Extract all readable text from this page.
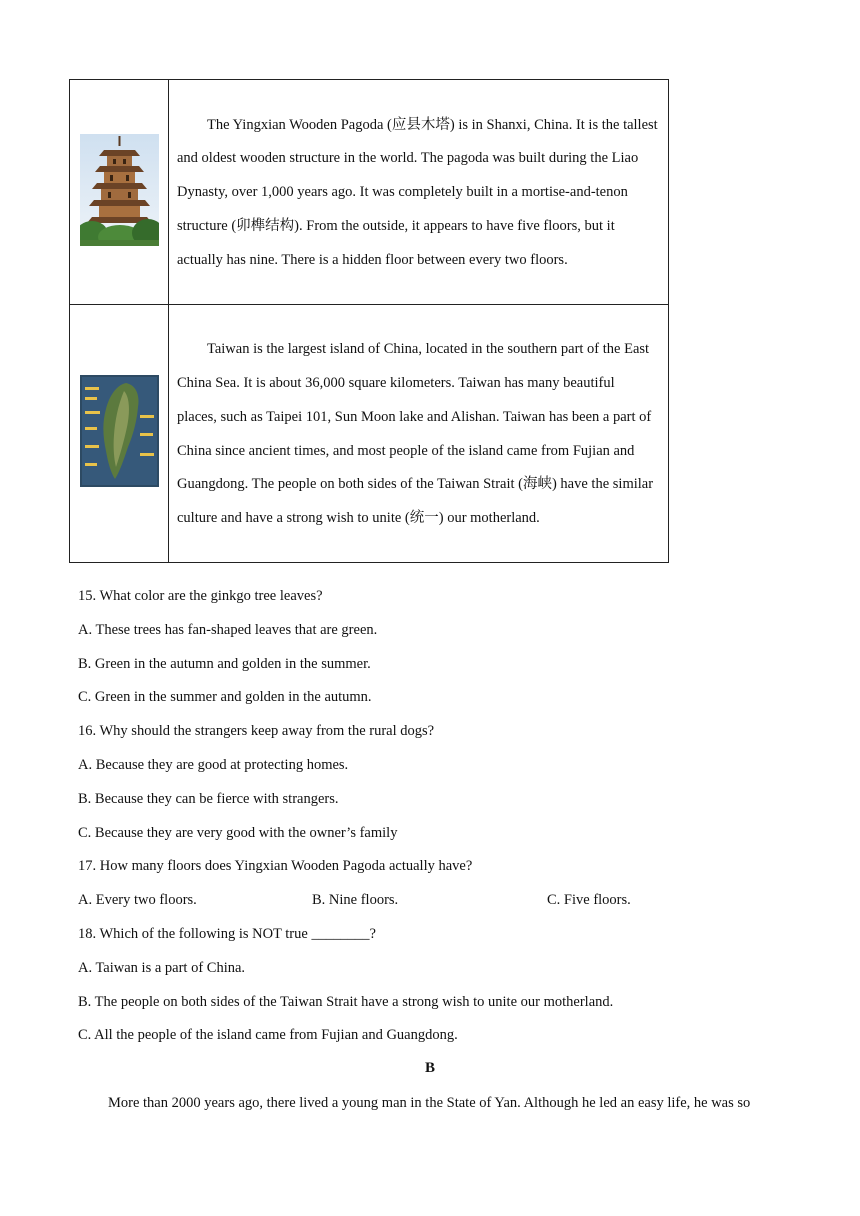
The Yingxian Wooden Pagoda (应县木塔) is in Shanxi, China. It is the tallest and oldest wooden structure in the world. The pagoda was built during the Liao Dynasty, over 1,000 years ago. It was completely built in a mortise-and-tenon structure (卯榫结构). From the outside, it appears to have five floors, but it actually has nine. There is a hidden floor between every two floors.

Taiwan is the largest island of China, located in the southern part of the East China Sea. It is about 36,000 square kilometers. Taiwan has many beautiful places, such as Taipei 101, Sun Moon lake and Alishan. Taiwan has been a part of China since ancient times, and most people of the island came from Fujian and Guangdong. The people on both sides of the Taiwan Strait (海峡) have the similar culture and have a strong wish to unite (统一) our motherland.

15. What color are the ginkgo tree leaves?
A. These trees has fan-shaped leaves that are green.
B. Green in the autumn and golden in the summer.
C. Green in the summer and golden in the autumn.
16. Why should the strangers keep away from the rural dogs?
A. Because they are good at protecting homes.
B. Because they can be fierce with strangers.
C. Because they are very good with the owner’s family
17. How many floors does Yingxian Wooden Pagoda actually have?
A. Every two floors.	B. Nine floors.	C. Five floors.
18. Which of the following is NOT true ________?
A. Taiwan is a part of China.
B. The people on both sides of the Taiwan Strait have a strong wish to unite our motherland.
C. All the people of the island came from Fujian and Guangdong.
B
More than 2000 years ago, there lived a young man in the State of Yan. Although he led an easy life, he was so
